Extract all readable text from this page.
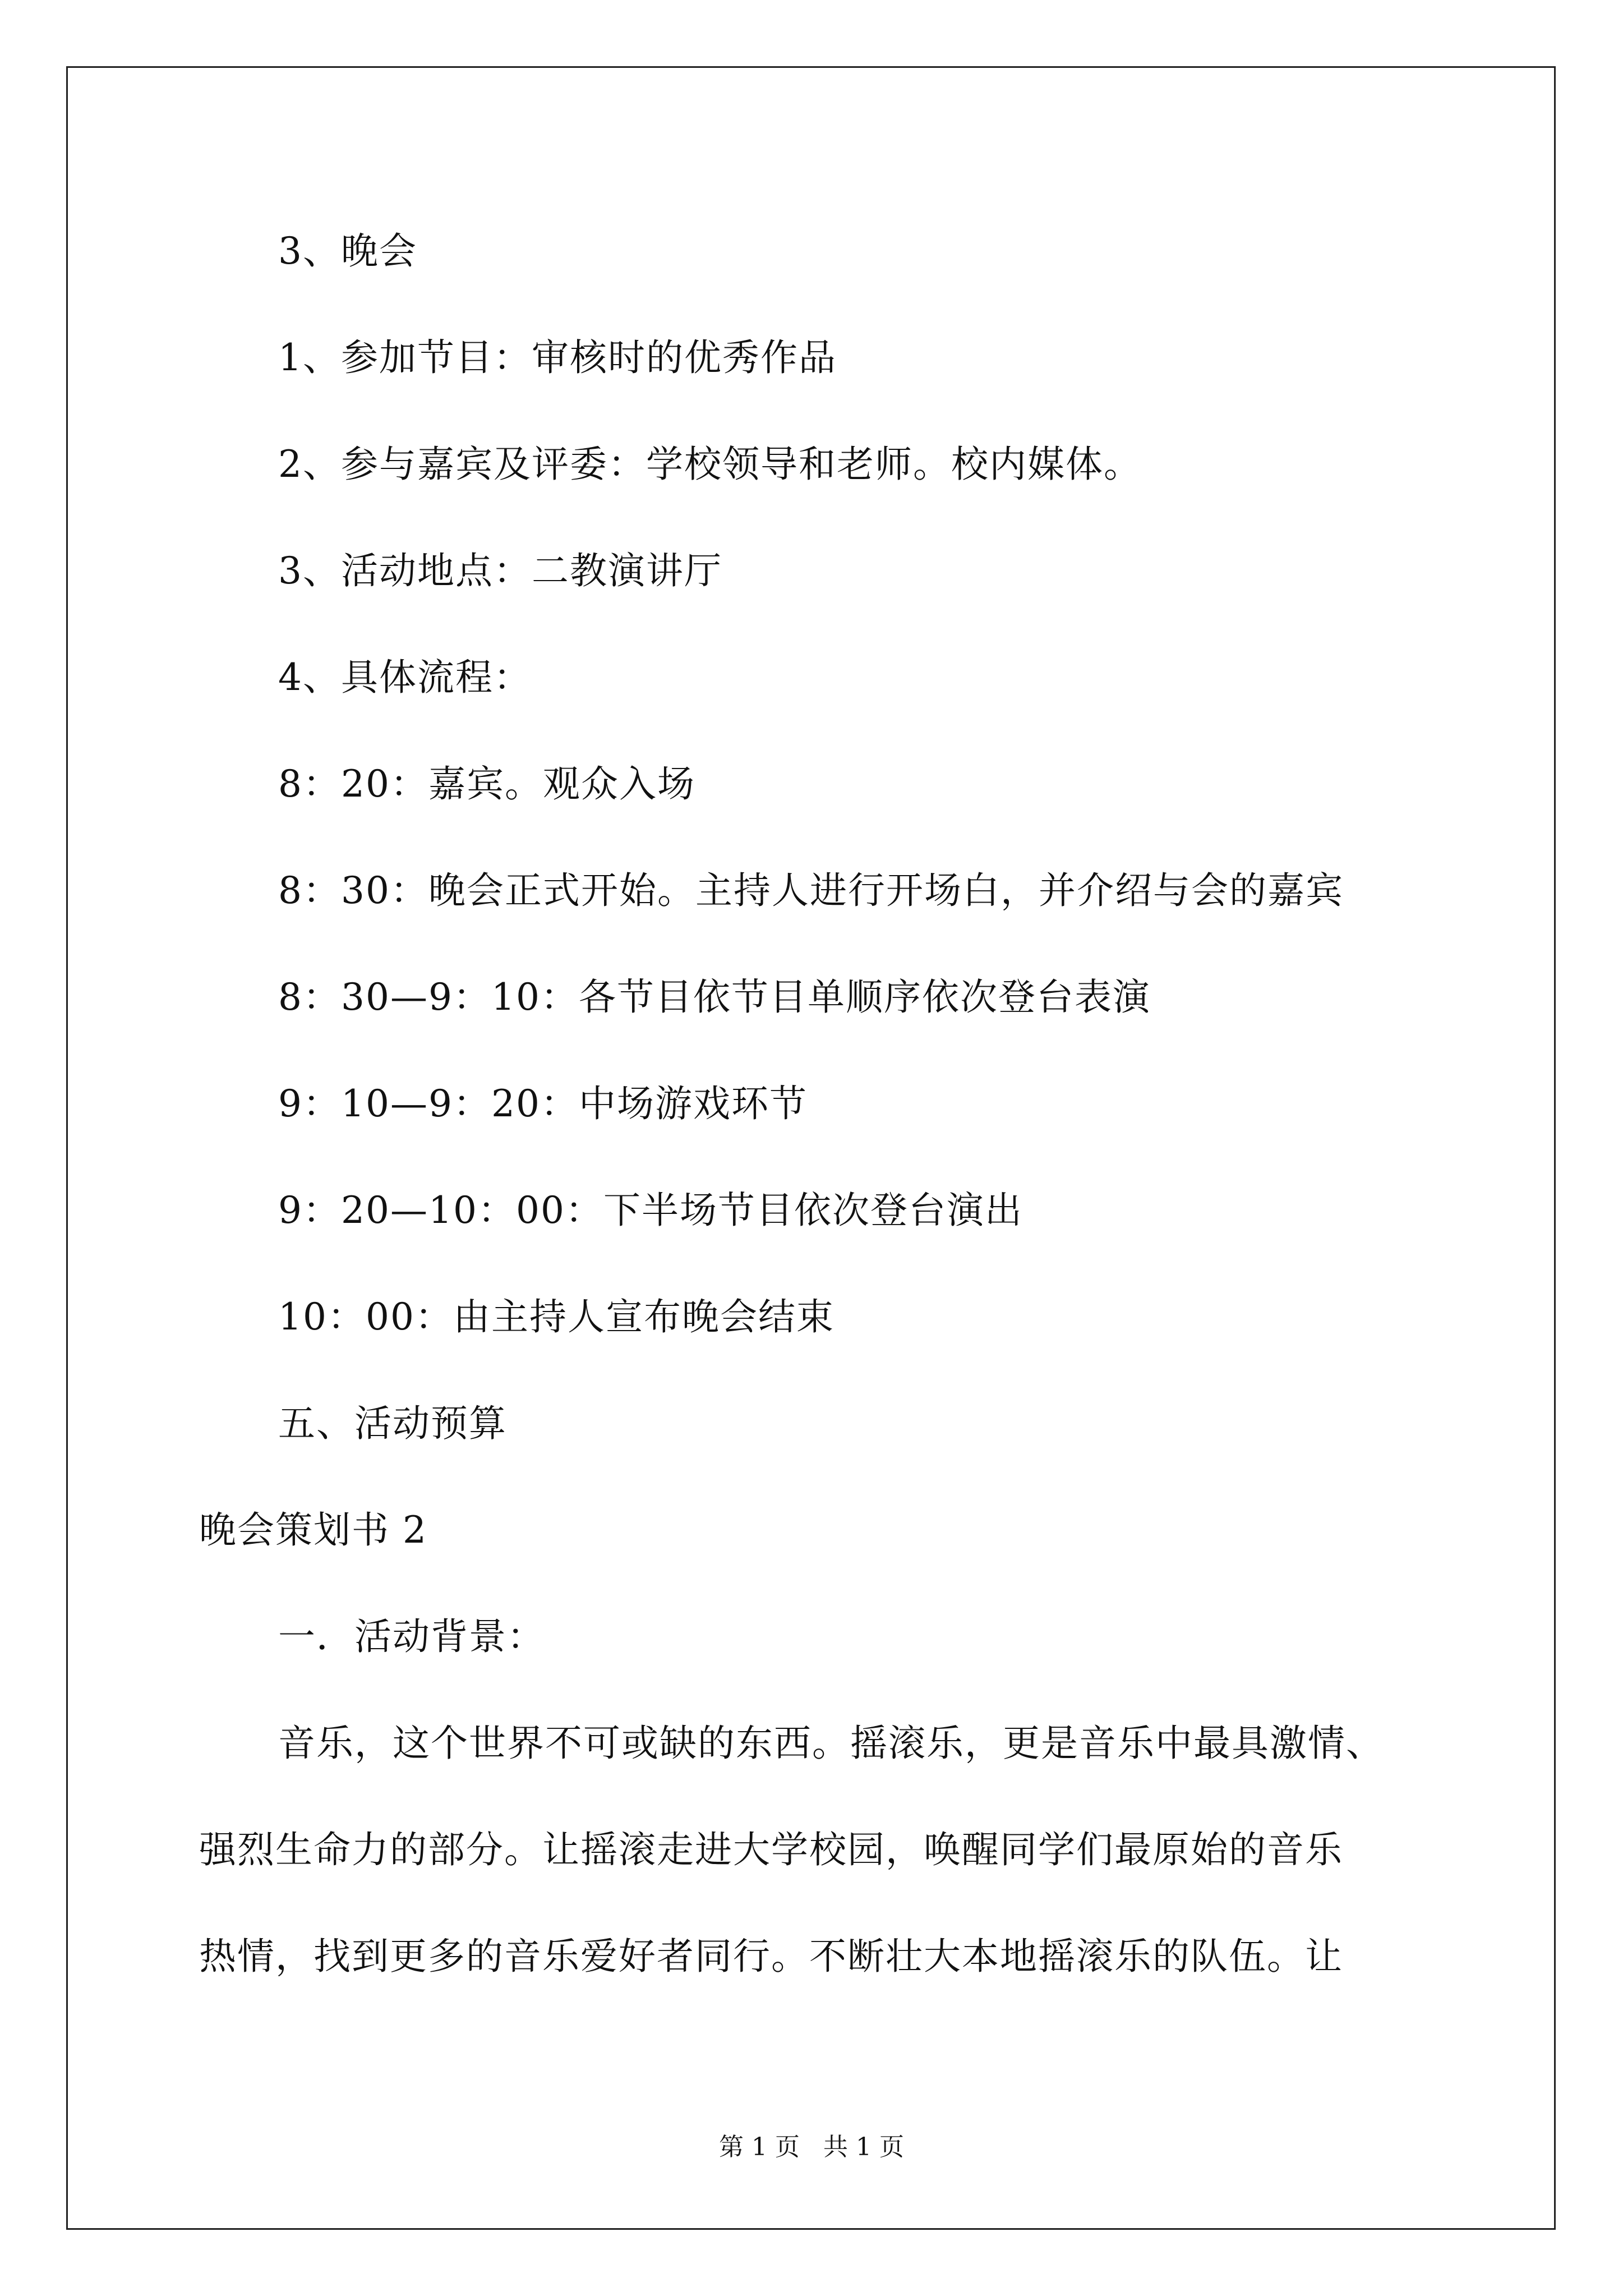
3、晚会
1、参加节目：审核时的优秀作品
2、参与嘉宾及评委：学校领导和老师。校内媒体。
3、活动地点：二教演讲厅
4、具体流程：
8：20：嘉宾。观众入场
8：30：晚会正式开始。主持人进行开场白，并介绍与会的嘉宾
8：30—9：10：各节目依节目单顺序依次登台表演
9：10—9：20：中场游戏环节
9：20—10：00：下半场节目依次登台演出
10：00：由主持人宣布晚会结束
五、活动预算
晚会策划书 2
一．活动背景：
音乐，这个世界不可或缺的东西。摇滚乐，更是音乐中最具激情、
强烈生命力的部分。让摇滚走进大学校园，唤醒同学们最原始的音乐
热情，找到更多的音乐爱好者同行。不断壮大本地摇滚乐的队伍。让
第 1 页   共 1 页
